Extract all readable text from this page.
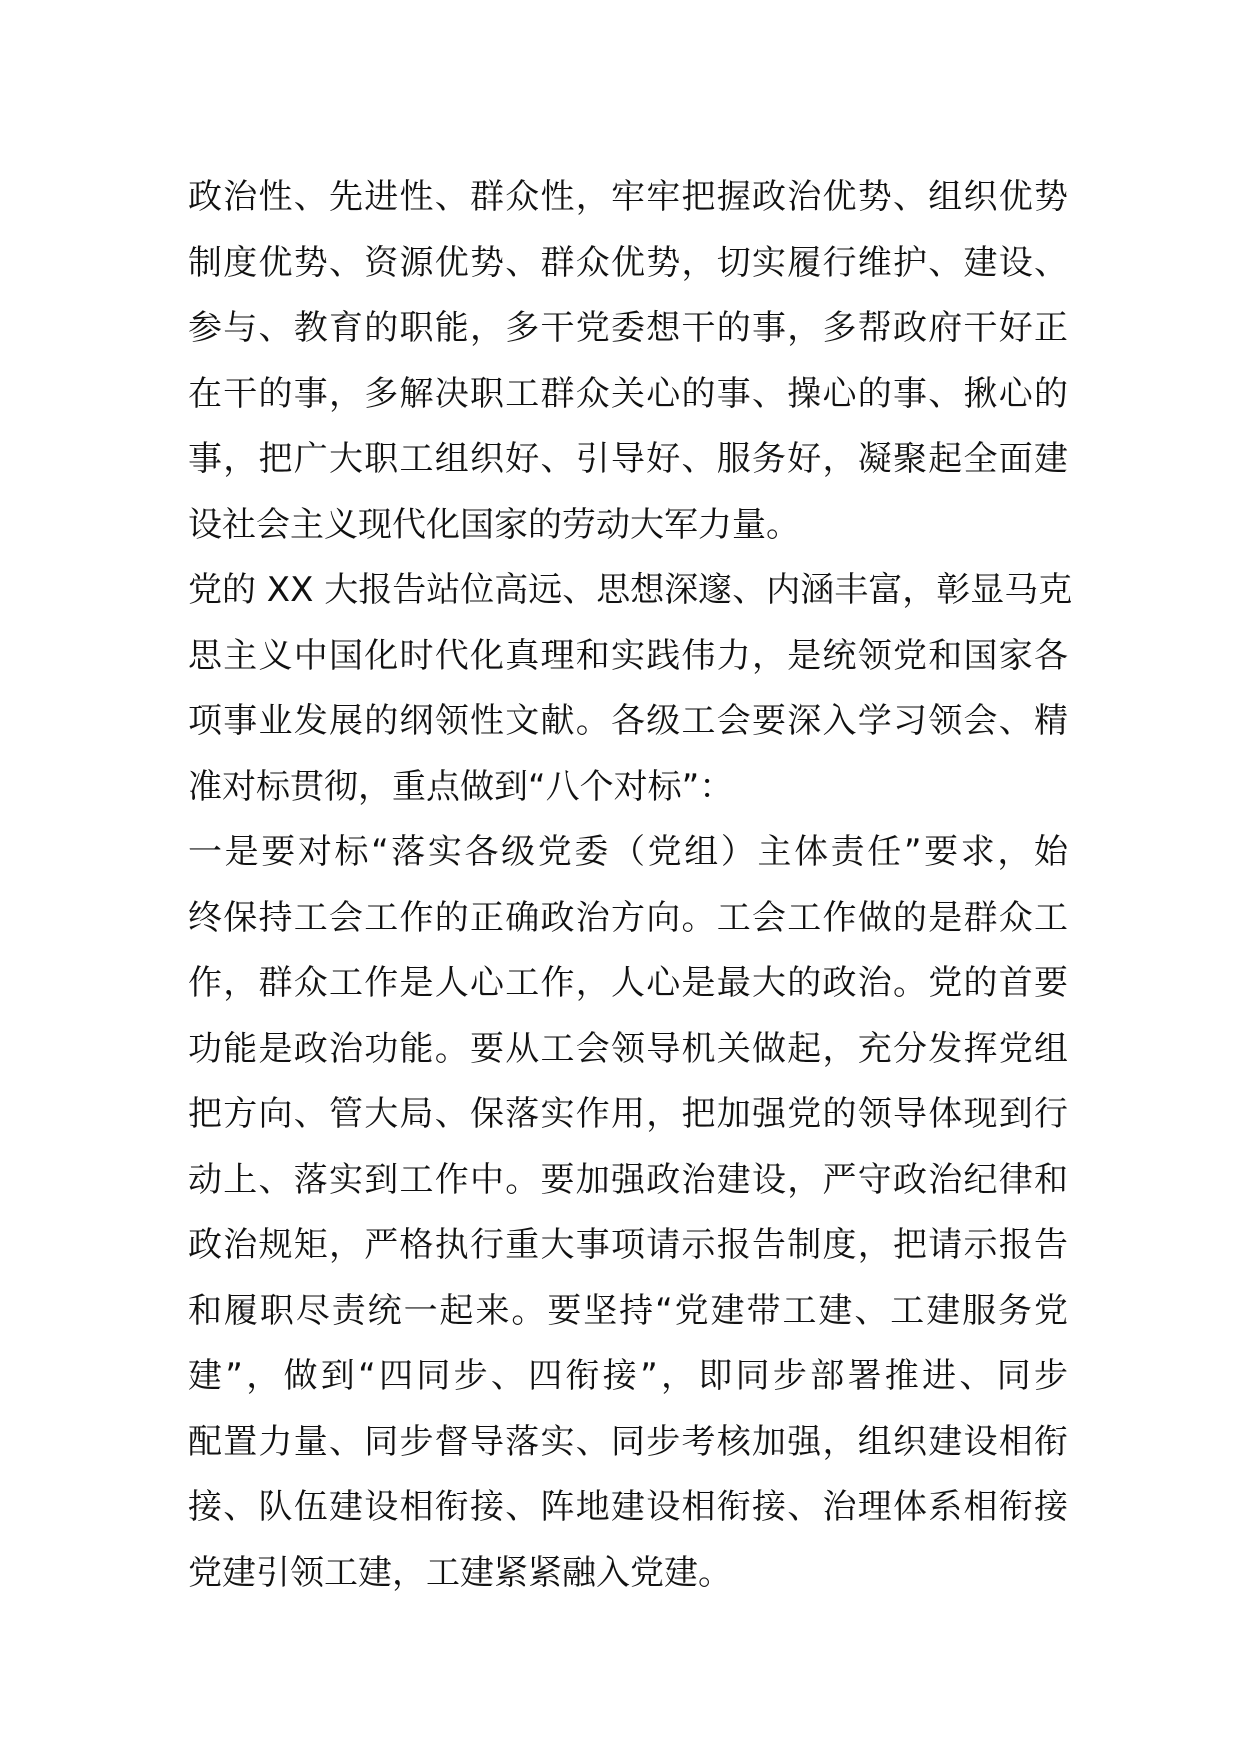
政治性、先进性、群众性，牢牢把握政治优势、组织优势
制度优势、资源优势、群众优势，切实履行维护、建设、
参与、教育的职能，多干党委想干的事，多帮政府干好正
在干的事，多解决职工群众关心的事、操心的事、揪心的
事，把广大职工组织好、引导好、服务好，凝聚起全面建
设社会主义现代化国家的劳动大军力量。
党的 XX 大报告站位高远、思想深邃、内涵丰富，彰显马克
思主义中国化时代化真理和实践伟力，是统领党和国家各
项事业发展的纲领性文献。各级工会要深入学习领会、精
准对标贯彻，重点做到“八个对标”：
一是要对标“落实各级党委（党组）主体责任”要求，始
终保持工会工作的正确政治方向。工会工作做的是群众工
作，群众工作是人心工作，人心是最大的政治。党的首要
功能是政治功能。要从工会领导机关做起，充分发挥党组
把方向、管大局、保落实作用，把加强党的领导体现到行
动上、落实到工作中。要加强政治建设，严守政治纪律和
政治规矩，严格执行重大事项请示报告制度，把请示报告
和履职尽责统一起来。要坚持“党建带工建、工建服务党
建”，做到“四同步、四衔接”，即同步部署推进、同步
配置力量、同步督导落实、同步考核加强，组织建设相衔
接、队伍建设相衔接、阵地建设相衔接、治理体系相衔接
党建引领工建，工建紧紧融入党建。
